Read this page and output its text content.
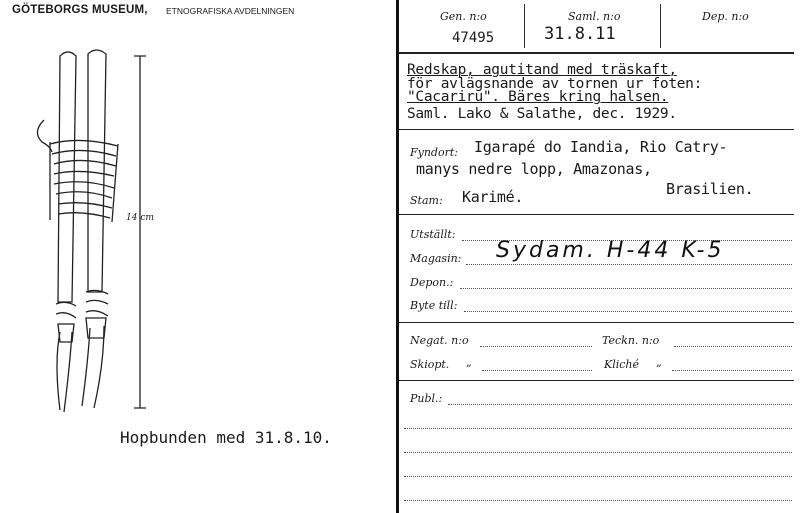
GÖTEBORGS MUSEUM, ETNOGRAFISKA AVDELNINGEN
14 cm
Hopbunden med 31.8.10.
Gen. n:o
47495
Saml. n:o
31.8.11
Dep. n:o
Redskap, agutitand med träskaft,
för avlägsnande av tornen ur foten:
"Cacariru". Bäres kring halsen.
Saml. Lako & Salathe, dec. 1929.
Fyndort: Igarapé do Iandia, Rio Catry-
manys nedre lopp, Amazonas,
Brasilien.
Stam: Karimé.
Utställt:
Magasin: Sydam. H-44 K-5
Depon.:
Byte till:
Negat. n:o	Teckn. n:o
Skiopt. „	Kliché „
Publ.:
